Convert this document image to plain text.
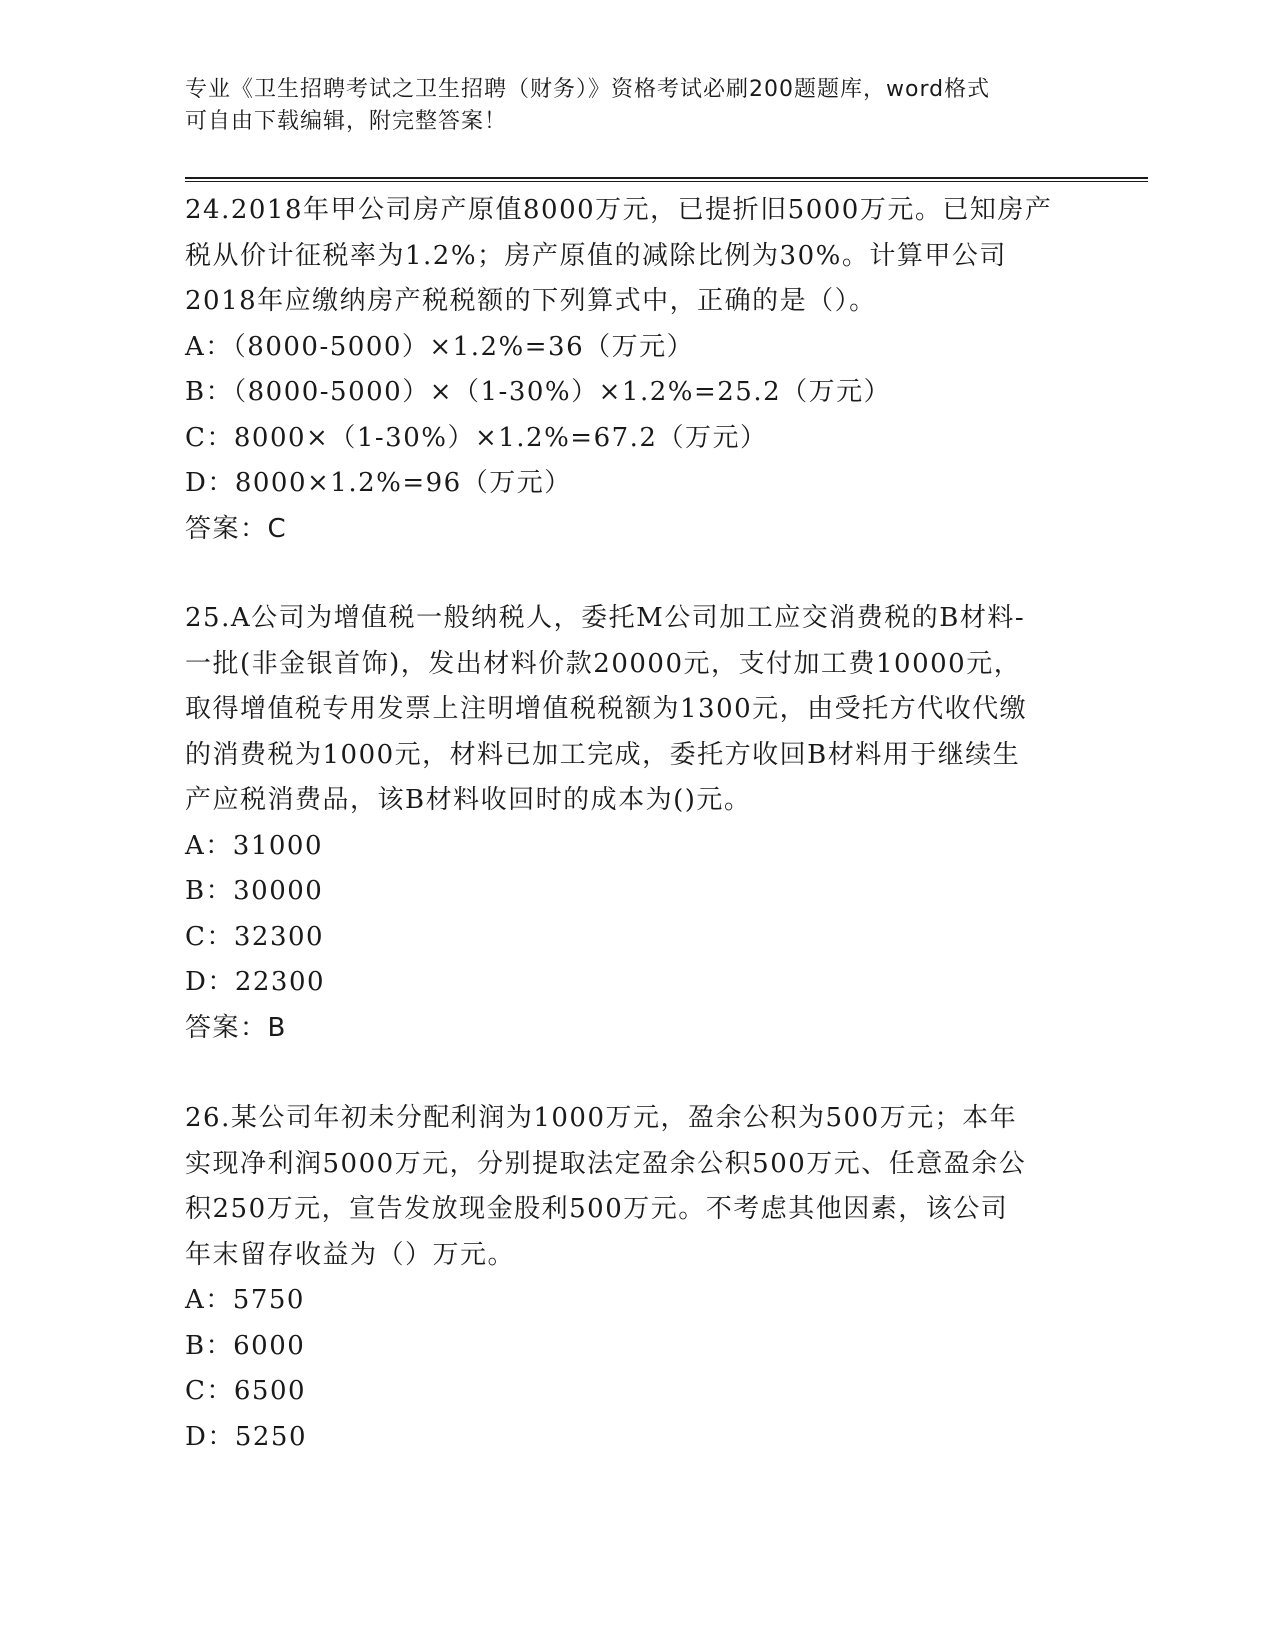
专业《卫生招聘考试之卫生招聘（财务）》资格考试必刷200题题库，word格式
可自由下载编辑，附完整答案！

24.2018年甲公司房产原值8000万元，已提折旧5000万元。已知房产

税从价计征税率为1.2%；房产原值的减除比例为30%。计算甲公司

2018年应缴纳房产税税额的下列算式中，正确的是（）。

A：（8000-5000）×1.2%=36（万元）

B：（8000-5000）×（1-30%）×1.2%=25.2（万元）

C：8000×（1-30%）×1.2%=67.2（万元）

D：8000×1.2%=96（万元）

答案：C

25.A公司为增值税一般纳税人，委托M公司加工应交消费税的B材料-

一批(非金银首饰)，发出材料价款20000元，支付加工费10000元，

取得增值税专用发票上注明增值税税额为1300元，由受托方代收代缴

的消费税为1000元，材料已加工完成，委托方收回B材料用于继续生

产应税消费品，该B材料收回时的成本为()元。

A：31000

B：30000

C：32300

D：22300

答案：B

26.某公司年初未分配利润为1000万元，盈余公积为500万元；本年

实现净利润5000万元，分别提取法定盈余公积500万元、任意盈余公

积250万元，宣告发放现金股利500万元。不考虑其他因素，该公司

年末留存收益为（）万元。

A：5750

B：6000

C：6500

D：5250
